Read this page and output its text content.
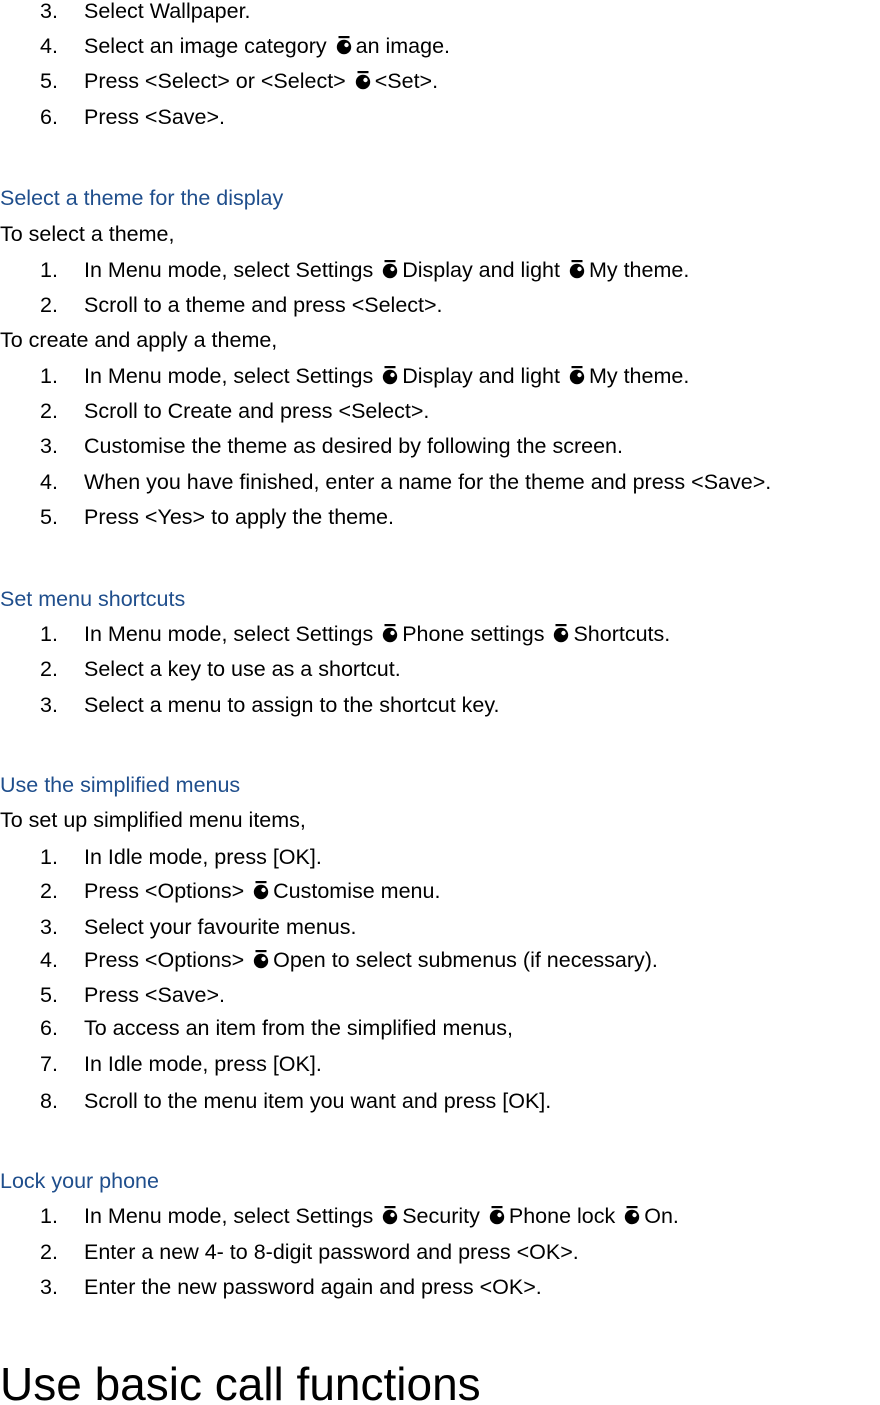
3.	Select Wallpaper.
4.	Select an image category an image.
5.	Press <Select> or <Select> <Set>.
6.	Press <Save>.
Select a theme for the display
To select a theme,
1.	In Menu mode, select Settings Display and light My theme.
2.	Scroll to a theme and press <Select>.
To create and apply a theme,
1.	In Menu mode, select Settings Display and light My theme.
2.	Scroll to Create and press <Select>.
3.	Customise the theme as desired by following the screen.
4.	When you have finished, enter a name for the theme and press <Save>.
5.	Press <Yes> to apply the theme.
Set menu shortcuts
1.	In Menu mode, select Settings Phone settings Shortcuts.
2.	Select a key to use as a shortcut.
3.	Select a menu to assign to the shortcut key.
Use the simplified menus
To set up simplified menu items,
1.	In Idle mode, press [OK].
2.	Press <Options> Customise menu.
3.	Select your favourite menus.
4.	Press <Options> Open to select submenus (if necessary).
5.	Press <Save>.
6.	To access an item from the simplified menus,
7.	In Idle mode, press [OK].
8.	Scroll to the menu item you want and press [OK].
Lock your phone
1.	In Menu mode, select Settings Security Phone lock On.
2.	Enter a new 4- to 8-digit password and press <OK>.
3.	Enter the new password again and press <OK>.
Use basic call functions
